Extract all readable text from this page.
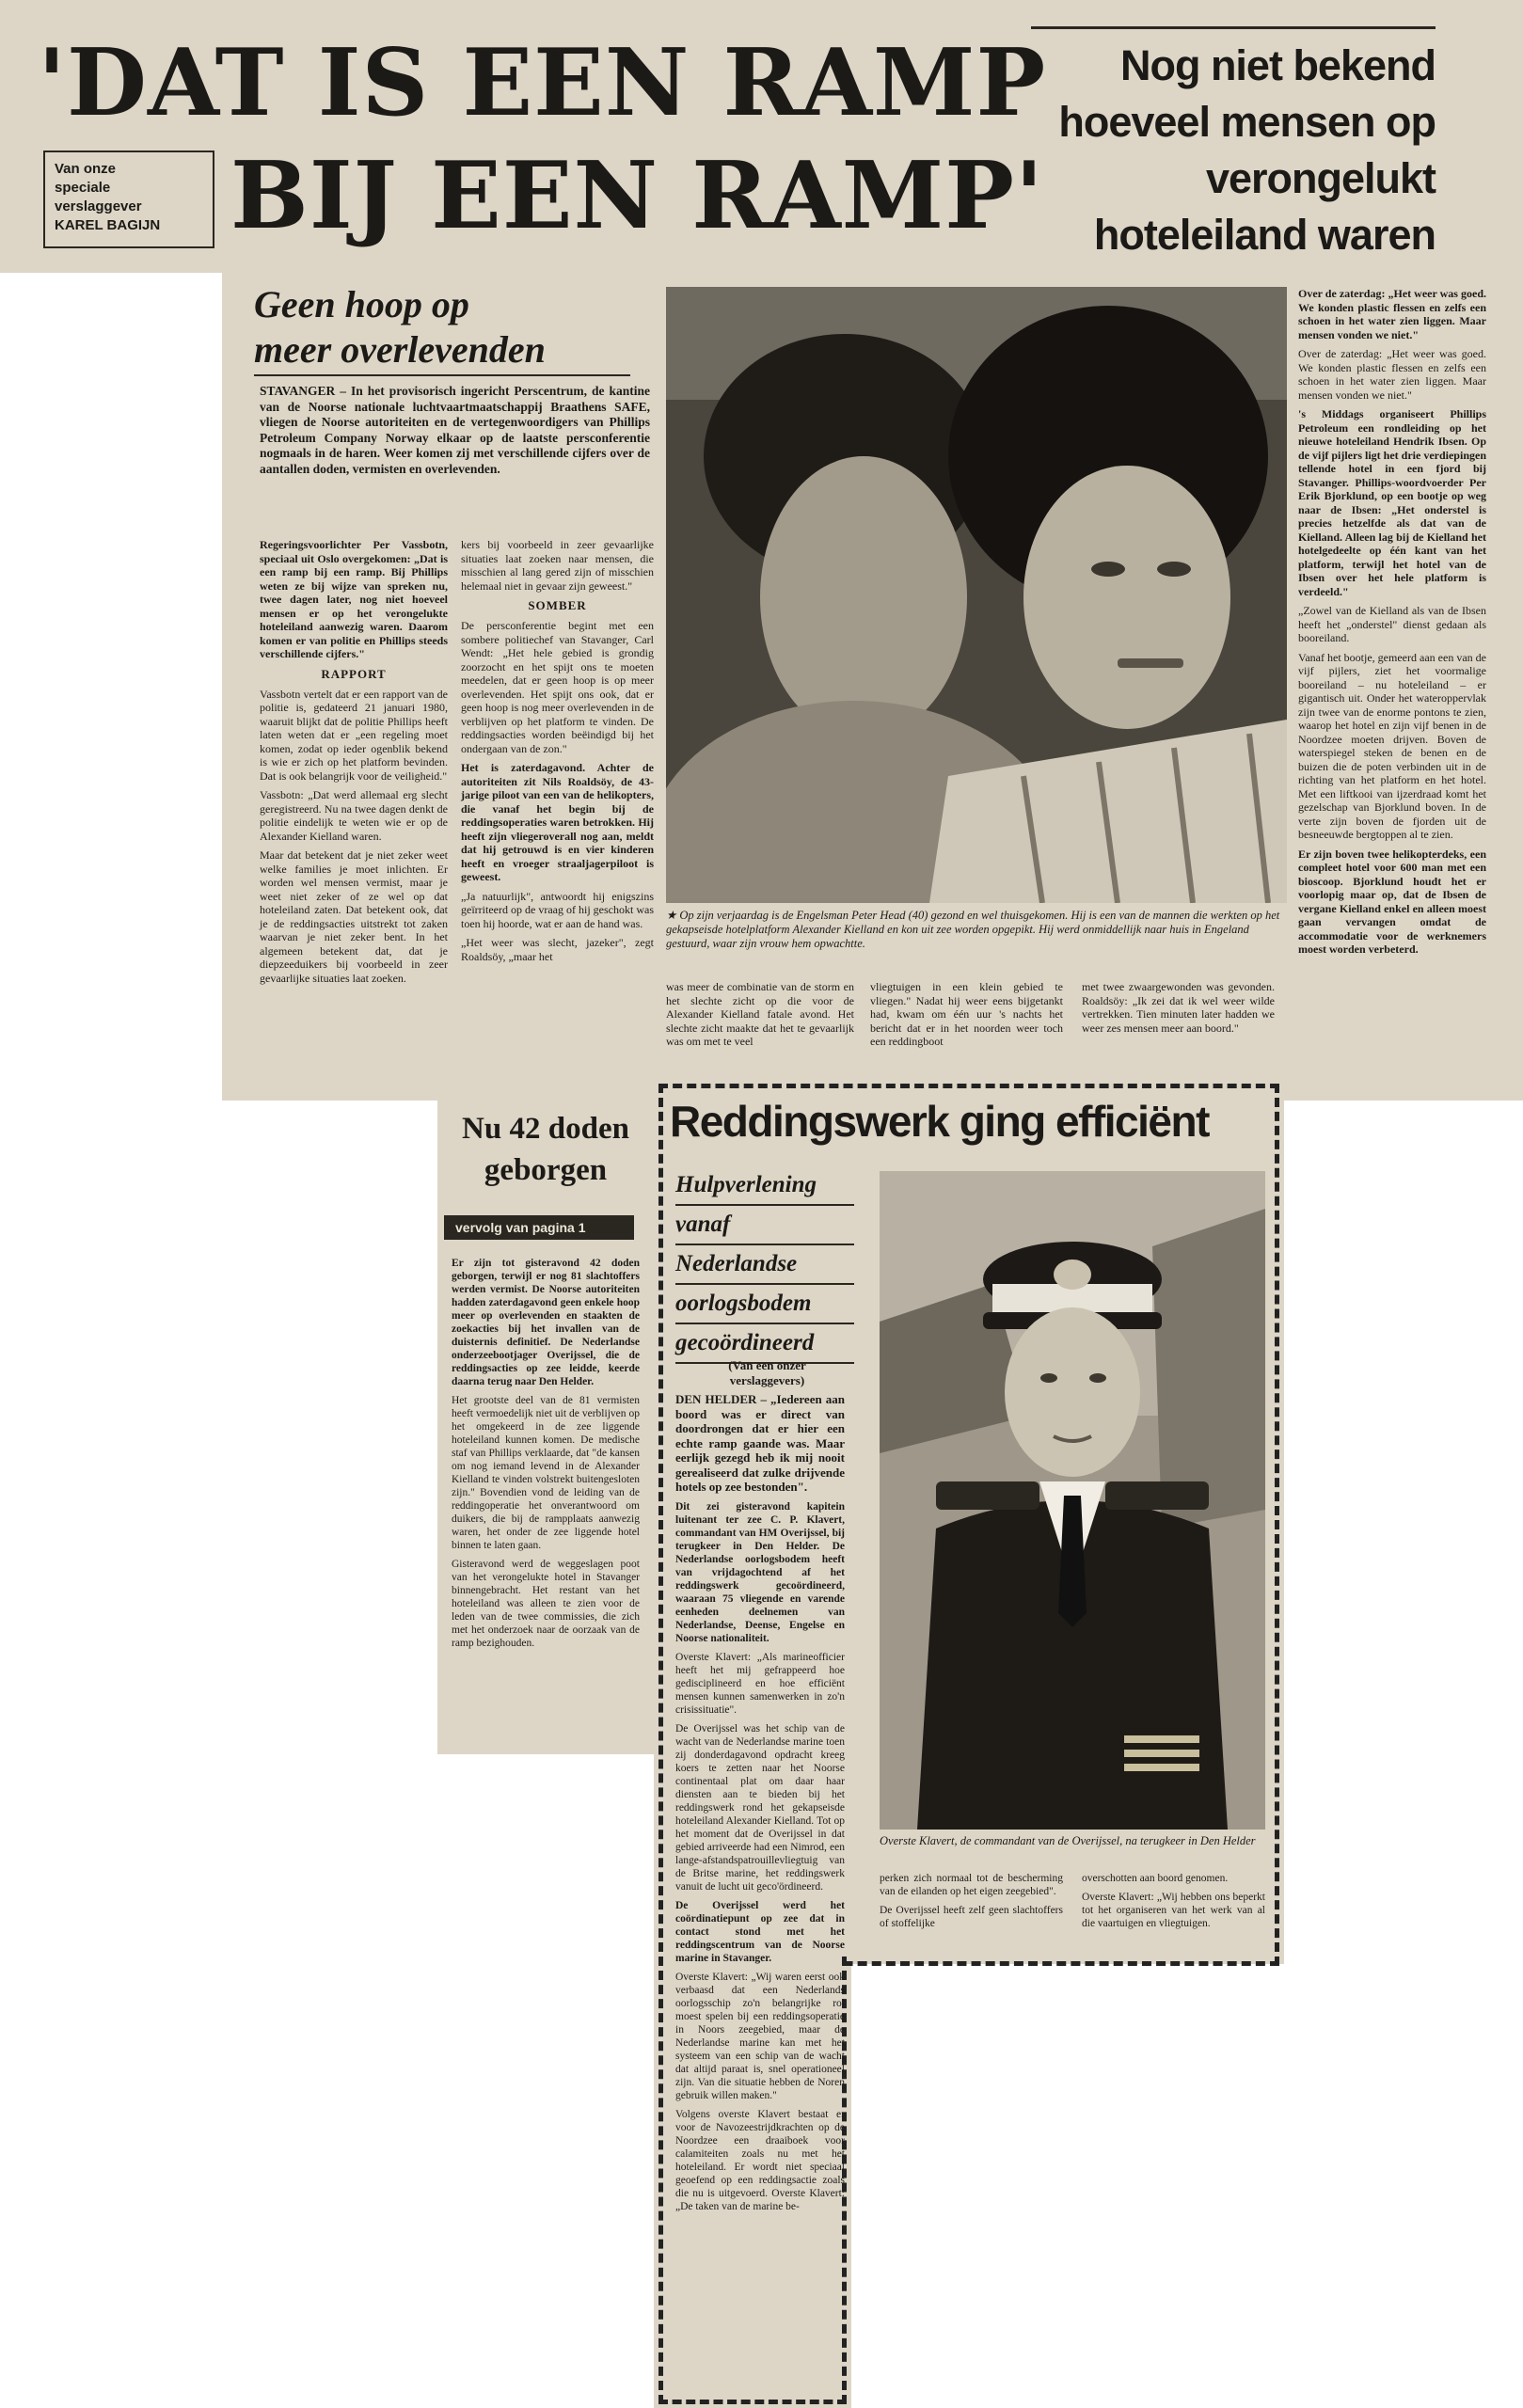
'DAT IS EEN RAMP
BIJ EEN RAMP'
Van onze
speciale
verslaggever
KAREL BAGIJN
Nog niet bekend
hoeveel mensen op
verongelukt
hoteleiland waren
Geen hoop op
meer overlevenden

STAVANGER – In het provisorisch ingericht Perscentrum, de kantine van de Noorse nationale luchtvaartmaatschappij Braathens SAFE, vliegen de Noorse autoriteiten en de vertegenwoordigers van Phillips Petroleum Company Norway elkaar op de laatste persconferentie nogmaals in de haren. Weer komen zij met verschillende cijfers over de aantallen doden, vermisten en overlevenden.

Regeringsvoorlichter Per Vassbotn, speciaal uit Oslo overgekomen: „Dat is een ramp bij een ramp. Bij Phillips weten ze bij wijze van spreken nu, twee dagen later, nog niet hoeveel mensen er op het verongelukte hoteleiland aanwezig waren. Daarom komen er van politie en Phillips steeds verschillende cijfers."

RAPPORT

Vassbotn vertelt dat er een rapport van de politie is, gedateerd 21 januari 1980, waaruit blijkt dat de politie Phillips heeft laten weten dat er „een regeling moet komen, zodat op ieder ogenblik bekend is wie er zich op het platform bevinden. Dat is ook belangrijk voor de veiligheid."

Vassbotn: „Dat werd allemaal erg slecht geregistreerd. Nu na twee dagen denkt de politie eindelijk te weten wie er op de Alexander Kielland waren.

Maar dat betekent dat je niet zeker weet welke families je moet inlichten. Er worden wel mensen vermist, maar je weet niet zeker of ze wel op dat hoteleiland zaten. Dat betekent ook, dat je de reddingsacties uitstrekt tot zaken waarvan je niet zeker bent. In het algemeen betekent dat, dat je diepzeeduikers bij voorbeeld in zeer gevaarlijke situaties laat zoeken.

kers bij voorbeeld in zeer gevaarlijke situaties laat zoeken naar mensen, die misschien al lang gered zijn of misschien helemaal niet in gevaar zijn geweest."

SOMBER

De persconferentie begint met een sombere politiechef van Stavanger, Carl Wendt: „Het hele gebied is grondig zoorzocht en het spijt ons te moeten meedelen, dat er geen hoop is op meer overlevenden. Het spijt ons ook, dat er geen hoop is nog meer overlevenden in de verblijven op het platform te vinden. De reddingsacties worden beëindigd bij het ondergaan van de zon."

Het is zaterdagavond. Achter de autoriteiten zit Nils Roaldsöy, de 43-jarige piloot van een van de helikopters, die vanaf het begin bij de reddingsoperaties waren betrokken. Hij heeft zijn vliegeroverall nog aan, meldt dat hij getrouwd is en vier kinderen heeft en vroeger straaljagerpiloot is geweest.

„Ja natuurlijk", antwoordt hij enigszins geïrriteerd op de vraag of hij geschokt was toen hij hoorde, wat er aan de hand was.

„Het weer was slecht, jazeker", zegt Roaldsöy, „maar het

★ Op zijn verjaardag is de Engelsman Peter Head (40) gezond en wel thuisgekomen. Hij is een van de mannen die werkten op het gekapseisde hotelplatform Alexander Kielland en kon uit zee worden opgepikt. Hij werd onmiddellijk naar huis in Engeland gestuurd, waar zijn vrouw hem opwachtte.

was meer de combinatie van de storm en het slechte zicht op die voor de Alexander Kielland fatale avond. Het slechte zicht maakte dat het te gevaarlijk was om met te veel

vliegtuigen in een klein gebied te vliegen." Nadat hij weer eens bijgetankt had, kwam om één uur 's nachts het bericht dat er in het noorden weer toch een reddingboot

met twee zwaargewonden was gevonden. Roaldsöy: „Ik zei dat ik wel weer wilde vertrekken. Tien minuten later hadden we weer zes mensen meer aan boord."

Over de zaterdag: „Het weer was goed. We konden plastic flessen en zelfs een schoen in het water zien liggen. Maar mensen vonden we niet."

Over de zaterdag: „Het weer was goed. We konden plastic flessen en zelfs een schoen in het water zien liggen. Maar mensen vonden we niet."

's Middags organiseert Phillips Petroleum een rondleiding op het nieuwe hoteleiland Hendrik Ibsen. Op de vijf pijlers ligt het drie verdiepingen tellende hotel in een fjord bij Stavanger. Phillips-woordvoerder Per Erik Bjorklund, op een bootje op weg naar de Ibsen: „Het onderstel is precies hetzelfde als dat van de Kielland. Alleen lag bij de Kielland het hotelgedeelte op één kant van het platform, terwijl het hotel van de Ibsen over het hele platform is verdeeld."

„Zowel van de Kielland als van de Ibsen heeft het „onderstel" dienst gedaan als booreiland.

Vanaf het bootje, gemeerd aan een van de vijf pijlers, ziet het voormalige booreiland – nu hoteleiland – er gigantisch uit. Onder het wateroppervlak zijn twee van de enorme pontons te zien, waarop het hotel en zijn vijf benen in de Noordzee moeten drijven. Boven de waterspiegel steken de benen en de buizen die de poten verbinden uit in de richting van het platform en het hotel. Met een liftkooi van ijzerdraad komt het gezelschap van Bjorklund boven. In de verte zijn boven de fjorden uit de besneeuwde bergtoppen al te zien.

Er zijn boven twee helikopterdeks, een compleet hotel voor 600 man met een bioscoop. Bjorklund houdt het er voorlopig maar op, dat de Ibsen de vergane Kielland enkel en alleen moest gaan vervangen omdat de accommodatie voor de werknemers moest worden verbeterd.

Nu 42 doden
geborgen
vervolg van pagina 1

Er zijn tot gisteravond 42 doden geborgen, terwijl er nog 81 slachtoffers werden vermist. De Noorse autoriteiten hadden zaterdagavond geen enkele hoop meer op overlevenden en staakten de zoekacties bij het invallen van de duisternis definitief. De Nederlandse onderzeebootjager Overijssel, die de reddingsacties op zee leidde, keerde daarna terug naar Den Helder.

Het grootste deel van de 81 vermisten heeft vermoedelijk niet uit de verblijven op het omgekeerd in de zee liggende hoteleiland kunnen komen. De medische staf van Phillips verklaarde, dat "de kansen om nog iemand levend in de Alexander Kielland te vinden volstrekt buitengesloten zijn." Bovendien vond de leiding van de reddingoperatie het onverantwoord om duikers, die bij de rampplaats aanwezig waren, het onder de zee liggende hotel binnen te laten gaan.

Gisteravond werd de weggeslagen poot van het verongelukte hotel in Stavanger binnengebracht. Het restant van het hoteleiland was alleen te zien voor de leden van de twee commissies, die zich met het onderzoek naar de oorzaak van de ramp bezighouden.

Reddingswerk ging efficiënt
Hulpverlening
vanaf
Nederlandse
oorlogsbodem
gecoördineerd
(Van een onzer
verslaggevers)

DEN HELDER – „Iedereen aan boord was er direct van doordrongen dat er hier een echte ramp gaande was. Maar eerlijk gezegd heb ik mij nooit gerealiseerd dat zulke drijvende hotels op zee bestonden".

Dit zei gisteravond kapitein luitenant ter zee C. P. Klavert, commandant van HM Overijssel, bij terugkeer in Den Helder. De Nederlandse oorlogsbodem heeft van vrijdagochtend af het reddingswerk gecoördineerd, waaraan 75 vliegende en varende eenheden deelnemen van Nederlandse, Deense, Engelse en Noorse nationaliteit.

Overste Klavert: „Als marineofficier heeft het mij gefrappeerd hoe gedisciplineerd en hoe efficiënt mensen kunnen samenwerken in zo'n crisissituatie".

De Overijssel was het schip van de wacht van de Nederlandse marine toen zij donderdagavond opdracht kreeg koers te zetten naar het Noorse continentaal plat om daar haar diensten aan te bieden bij het reddingswerk rond het gekapseisde hoteleiland Alexander Kielland. Tot op het moment dat de Overijssel in dat gebied arriveerde had een Nimrod, een lange-afstandspatrouillevliegtuig van de Britse marine, het reddingswerk vanuit de lucht uit geco'ördineerd.

De Overijssel werd het coördinatiepunt op zee dat in contact stond met het reddingscentrum van de Noorse marine in Stavanger.

Overste Klavert: „Wij waren eerst ook verbaasd dat een Nederlands oorlogsschip zo'n belangrijke rol moest spelen bij een reddingsoperatie in Noors zeegebied, maar de Nederlandse marine kan met het systeem van een schip van de wacht dat altijd paraat is, snel operationeel zijn. Van die situatie hebben de Noren gebruik willen maken."

Volgens overste Klavert bestaat er voor de Navozeestrijdkrachten op de Noordzee een draaiboek voor calamiteiten zoals nu met het hoteleiland. Er wordt niet speciaal geoefend op een reddingsactie zoals die nu is uitgevoerd. Overste Klavert: „De taken van de marine be-

Overste Klavert, de commandant van de Overijssel, na terugkeer in Den Helder

perken zich normaal tot de bescherming van de eilanden op het eigen zeegebied".

De Overijssel heeft zelf geen slachtoffers of stoffelijke

overschotten aan boord genomen.

Overste Klavert: „Wij hebben ons beperkt tot het organiseren van het werk van al die vaartuigen en vliegtuigen.
